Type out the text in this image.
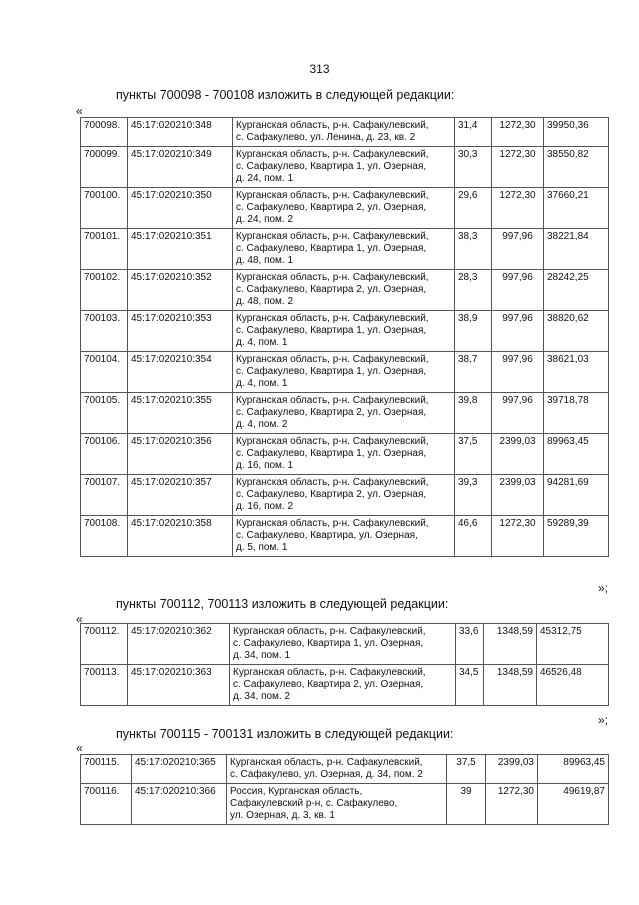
313
пункты 700098 - 700108 изложить в следующей редакции:
«
700098.	45:17:020210:348	Курганская область, р-н. Сафакулевский,
с. Сафакулево, ул. Ленина, д. 23, кв. 2	31,4	1272,30	39950,36
700099.	45:17:020210:349	Курганская область, р-н. Сафакулевский,
с. Сафакулево, Квартира 1, ул. Озерная,
д. 24, пом. 1	30,3	1272,30	38550,82
700100.	45:17:020210:350	Курганская область, р-н. Сафакулевский,
с. Сафакулево, Квартира 2, ул. Озерная,
д. 24, пом. 2	29,6	1272,30	37660,21
700101.	45:17:020210:351	Курганская область, р-н. Сафакулевский,
с. Сафакулево, Квартира 1, ул. Озерная,
д. 48, пом. 1	38,3	997,96	38221,84
700102.	45:17:020210:352	Курганская область, р-н. Сафакулевский,
с. Сафакулево, Квартира 2, ул. Озерная,
д. 48, пом. 2	28,3	997,96	28242,25
700103.	45:17:020210:353	Курганская область, р-н. Сафакулевский,
с. Сафакулево, Квартира 1, ул. Озерная,
д. 4, пом. 1	38,9	997,96	38820,62
700104.	45:17:020210:354	Курганская область, р-н. Сафакулевский,
с. Сафакулево, Квартира 1, ул. Озерная,
д. 4, пом. 1	38,7	997,96	38621,03
700105.	45:17:020210:355	Курганская область, р-н. Сафакулевский,
с. Сафакулево, Квартира 2, ул. Озерная,
д. 4, пом. 2	39,8	997,96	39718,78
700106.	45:17:020210:356	Курганская область, р-н. Сафакулевский,
с. Сафакулево, Квартира 1, ул. Озерная,
д. 16, пом. 1	37,5	2399,03	89963,45
700107.	45:17:020210:357	Курганская область, р-н. Сафакулевский,
с. Сафакулево, Квартира 2, ул. Озерная,
д. 16, пом. 2	39,3	2399,03	94281,69
700108.	45:17:020210:358	Курганская область, р-н. Сафакулевский,
с. Сафакулево, Квартира, ул. Озерная,
д. 5, пом. 1	46,6	1272,30	59289,39
»;
пункты 700112, 700113 изложить в следующей редакции:
«
700112.	45:17:020210:362	Курганская область, р-н. Сафакулевский,
с. Сафакулево, Квартира 1, ул. Озерная,
д. 34, пом. 1	33,6	1348,59	45312,75
700113.	45:17:020210:363	Курганская область, р-н. Сафакулевский,
с. Сафакулево, Квартира 2, ул. Озерная,
д. 34, пом. 2	34,5	1348,59	46526,48
»;
пункты 700115 - 700131 изложить в следующей редакции:
«
700115.	45:17:020210:365	Курганская область, р-н. Сафакулевский,
с. Сафакулево, ул. Озерная, д. 34, пом. 2	37,5	2399,03	89963,45
700116.	45:17:020210:366	Россия, Курганская область,
Сафакулевский р-н, с. Сафакулево,
ул. Озерная, д. 3, кв. 1	39	1272,30	49619,87
